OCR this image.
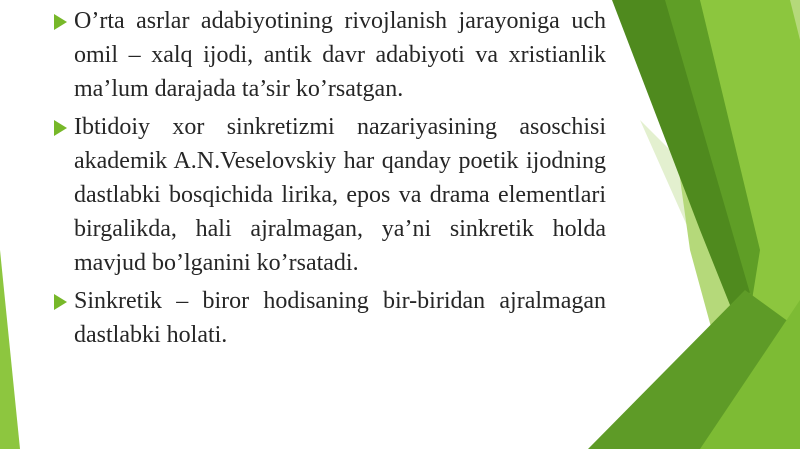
O’rta asrlar adabiyotining rivojlanish jarayoniga uch omil – xalq ijodi, antik davr adabiyoti va xristianlik ma’lum darajada ta’sir ko’rsatgan.
Ibtidoiy xor sinkretizmi nazariyasining asoschisi akademik A.N.Veselovskiy har qanday poetik ijodning dastlabki bosqichida lirika, epos va drama elementlari birgalikda, hali ajralmagan, ya’ni sinkretik holda mavjud bo’lganini ko’rsatadi.
Sinkretik – biror hodisaning bir-biridan ajralmagan dastlabki holati.
